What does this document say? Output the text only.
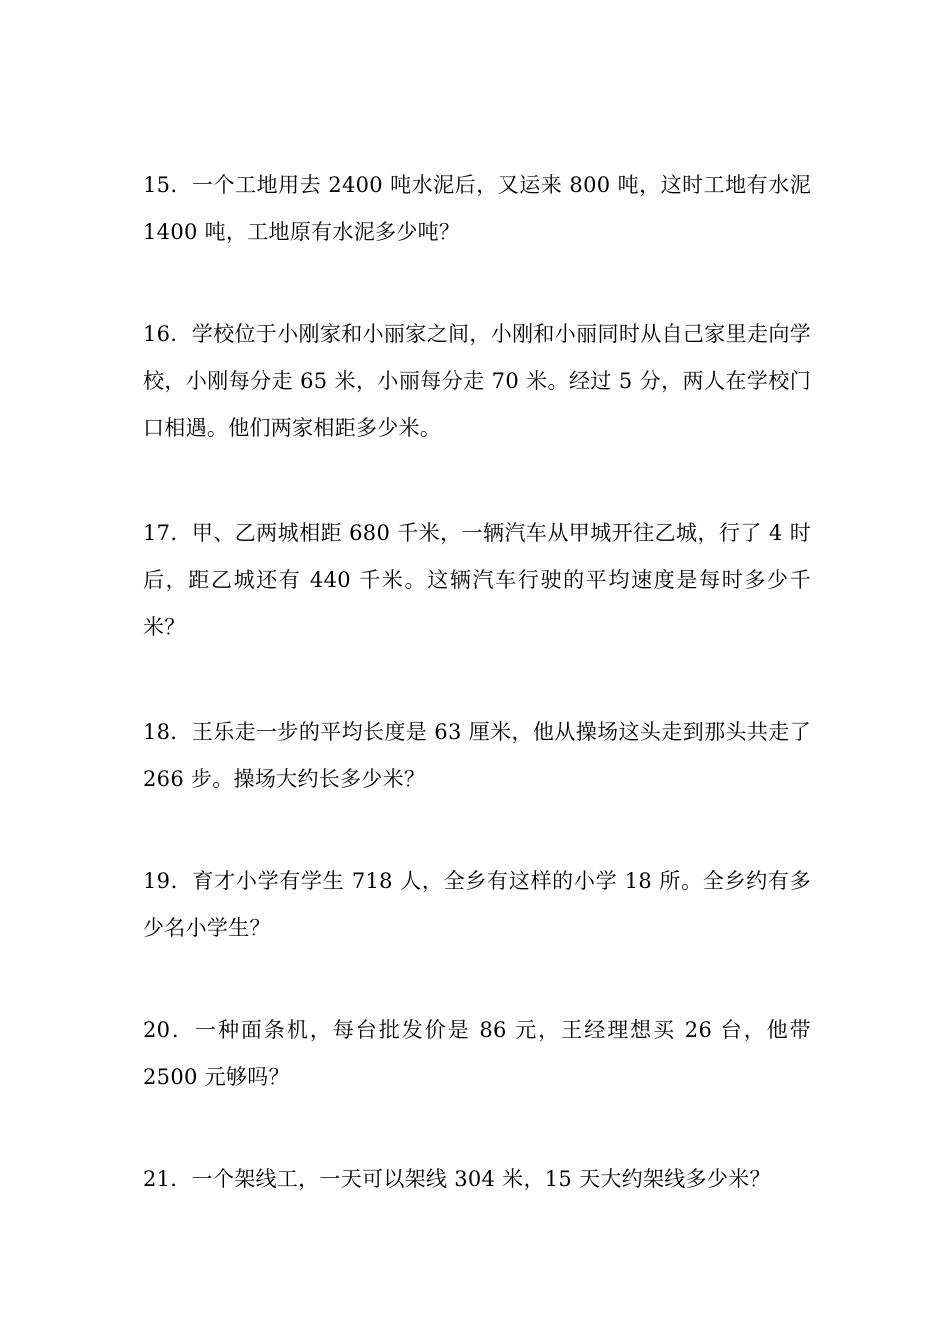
15．一个工地用去 2400 吨水泥后，又运来 800 吨，这时工地有水泥 1400 吨，工地原有水泥多少吨？

16．学校位于小刚家和小丽家之间，小刚和小丽同时从自己家里走向学校，小刚每分走 65 米，小丽每分走 70 米。经过 5 分，两人在学校门口相遇。他们两家相距多少米。

17．甲、乙两城相距 680 千米，一辆汽车从甲城开往乙城，行了 4 时后，距乙城还有 440 千米。这辆汽车行驶的平均速度是每时多少千米？

18．王乐走一步的平均长度是 63 厘米，他从操场这头走到那头共走了 266 步。操场大约长多少米？

19．育才小学有学生 718 人，全乡有这样的小学 18 所。全乡约有多少名小学生？

20．一种面条机，每台批发价是 86 元，王经理想买 26 台，他带 2500 元够吗？

21．一个架线工，一天可以架线 304 米，15 天大约架线多少米？
